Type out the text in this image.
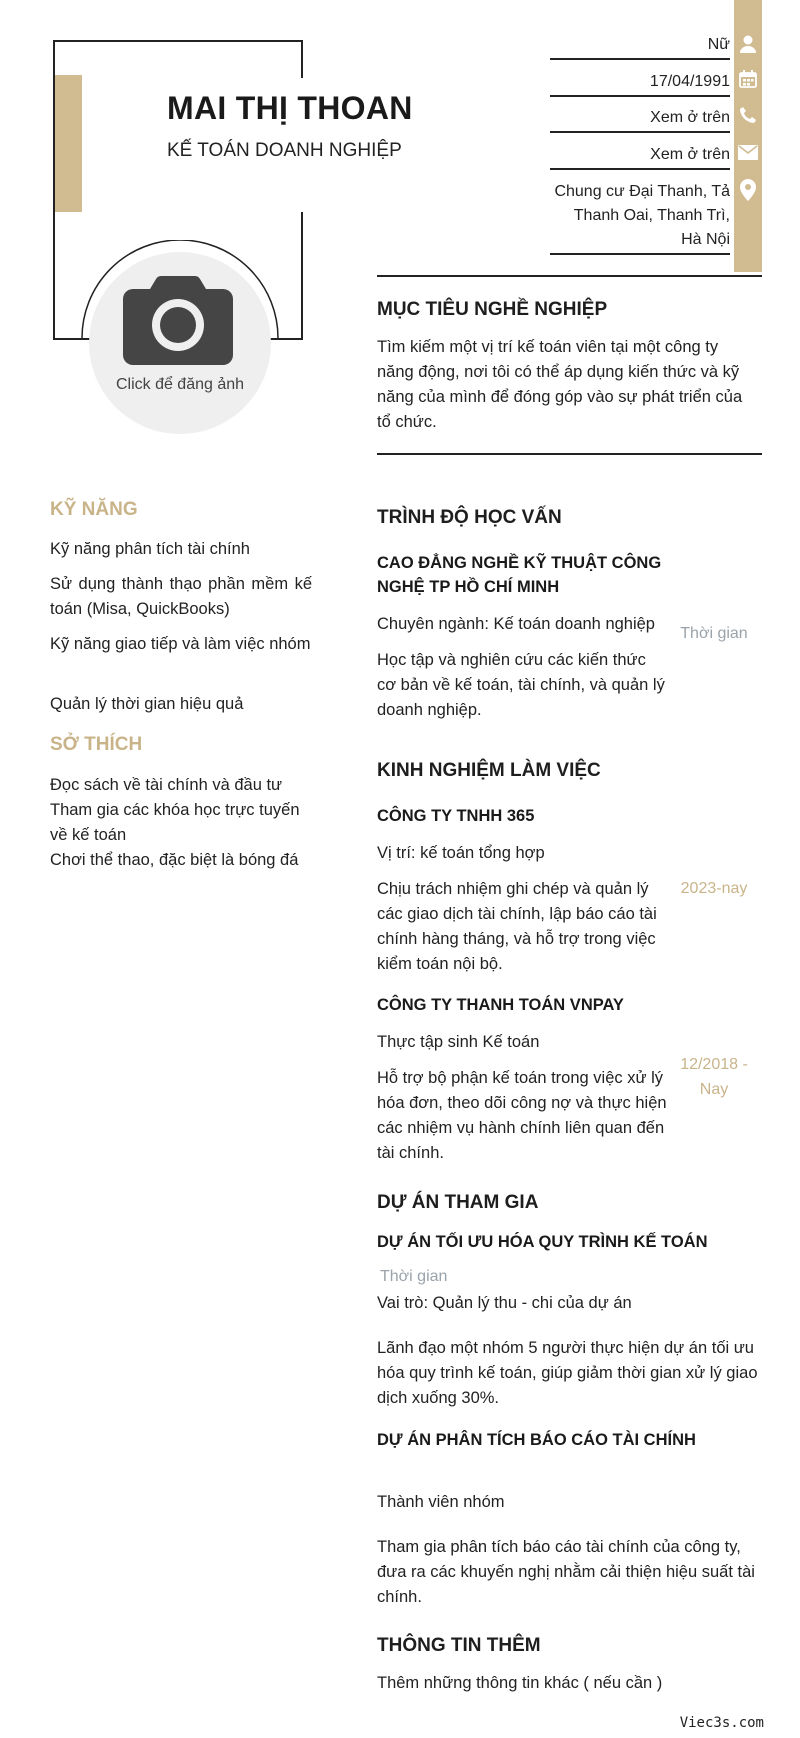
MAI THỊ THOAN
KẾ TOÁN DOANH NGHIỆP
Click để đăng ảnh
Nữ
17/04/1991
Xem ở trên
Xem ở trên
Chung cư Đại Thanh, Tả Thanh Oai, Thanh Trì, Hà Nội
MỤC TIÊU NGHỀ NGHIỆP
Tìm kiếm một vị trí kế toán viên tại một công ty năng động, nơi tôi có thể áp dụng kiến thức và kỹ năng của mình để đóng góp vào sự phát triển của tổ chức.
KỸ NĂNG
Kỹ năng phân tích tài chính
Sử dụng thành thạo phần mềm kế toán (Misa, QuickBooks)
Kỹ năng giao tiếp và làm việc nhóm
Quản lý thời gian hiệu quả
SỞ THÍCH
Đọc sách về tài chính và đầu tư
Tham gia các khóa học trực tuyến về kế toán
Chơi thể thao, đặc biệt là bóng đá
TRÌNH ĐỘ HỌC VẤN
CAO ĐẲNG NGHỀ KỸ THUẬT CÔNG NGHỆ TP HỒ CHÍ MINH
Chuyên ngành: Kế toán doanh nghiệp
Học tập và nghiên cứu các kiến thức cơ bản về kế toán, tài chính, và quản lý doanh nghiệp.
Thời gian
KINH NGHIỆM LÀM VIỆC
CÔNG TY TNHH 365
Vị trí: kế toán tổng hợp
Chịu trách nhiệm ghi chép và quản lý các giao dịch tài chính, lập báo cáo tài chính hàng tháng, và hỗ trợ trong việc kiểm toán nội bộ.
2023-nay
CÔNG TY THANH TOÁN VNPAY
Thực tập sinh Kế toán
Hỗ trợ bộ phận kế toán trong việc xử lý hóa đơn, theo dõi công nợ và thực hiện các nhiệm vụ hành chính liên quan đến tài chính.
12/2018 - Nay
DỰ ÁN THAM GIA
DỰ ÁN TỐI ƯU HÓA QUY TRÌNH KẾ TOÁN
Thời gian
Vai trò: Quản lý thu - chi của dự án
Lãnh đạo một nhóm 5 người thực hiện dự án tối ưu hóa quy trình kế toán, giúp giảm thời gian xử lý giao dịch xuống 30%.
DỰ ÁN PHÂN TÍCH BÁO CÁO TÀI CHÍNH
Thành viên nhóm
Tham gia phân tích báo cáo tài chính của công ty, đưa ra các khuyến nghị nhằm cải thiện hiệu suất tài chính.
THÔNG TIN THÊM
Thêm những thông tin khác ( nếu cần )
Viec3s.com
